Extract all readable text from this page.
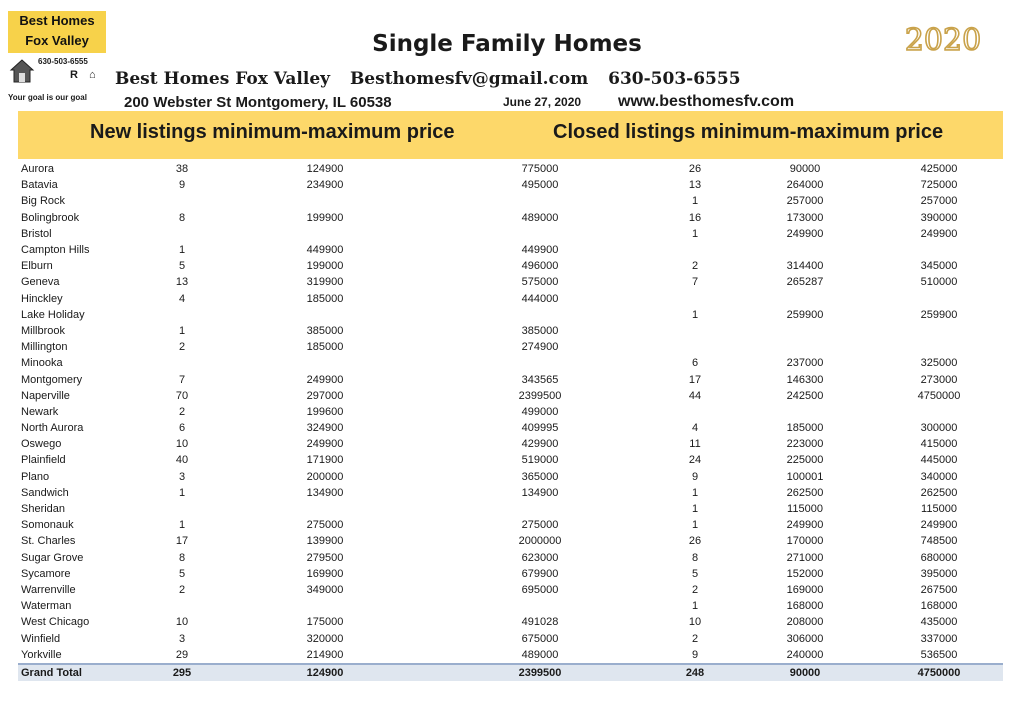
Best Homes
Fox Valley
630-503-6555
R ⌂
Your goal is our goal
Single Family Homes	2020
Best Homes Fox Valley Besthomesfv@gmail.com 630-503-6555
200 Webster St Montgomery, IL 60538	June 27, 2020 www.besthomesfv.com
New listings minimum-maximum price	Closed listings minimum-maximum price
Aurora	38	124900	775000	26	90000	425000
Batavia	9	234900	495000	13	264000	725000
Big Rock				1	257000	257000
Bolingbrook	8	199900	489000	16	173000	390000
Bristol				1	249900	249900
Campton Hills	1	449900	449900			
Elburn	5	199000	496000	2	314400	345000
Geneva	13	319900	575000	7	265287	510000
Hinckley	4	185000	444000			
Lake Holiday				1	259900	259900
Millbrook	1	385000	385000			
Millington	2	185000	274900			
Minooka				6	237000	325000
Montgomery	7	249900	343565	17	146300	273000
Naperville	70	297000	2399500	44	242500	4750000
Newark	2	199600	499000			
North Aurora	6	324900	409995	4	185000	300000
Oswego	10	249900	429900	11	223000	415000
Plainfield	40	171900	519000	24	225000	445000
Plano	3	200000	365000	9	100001	340000
Sandwich	1	134900	134900	1	262500	262500
Sheridan				1	115000	115000
Somonauk	1	275000	275000	1	249900	249900
St. Charles	17	139900	2000000	26	170000	748500
Sugar Grove	8	279500	623000	8	271000	680000
Sycamore	5	169900	679900	5	152000	395000
Warrenville	2	349000	695000	2	169000	267500
Waterman				1	168000	168000
West Chicago	10	175000	491028	10	208000	435000
Winfield	3	320000	675000	2	306000	337000
Yorkville	29	214900	489000	9	240000	536500
Grand Total	295	124900	2399500	248	90000	4750000
